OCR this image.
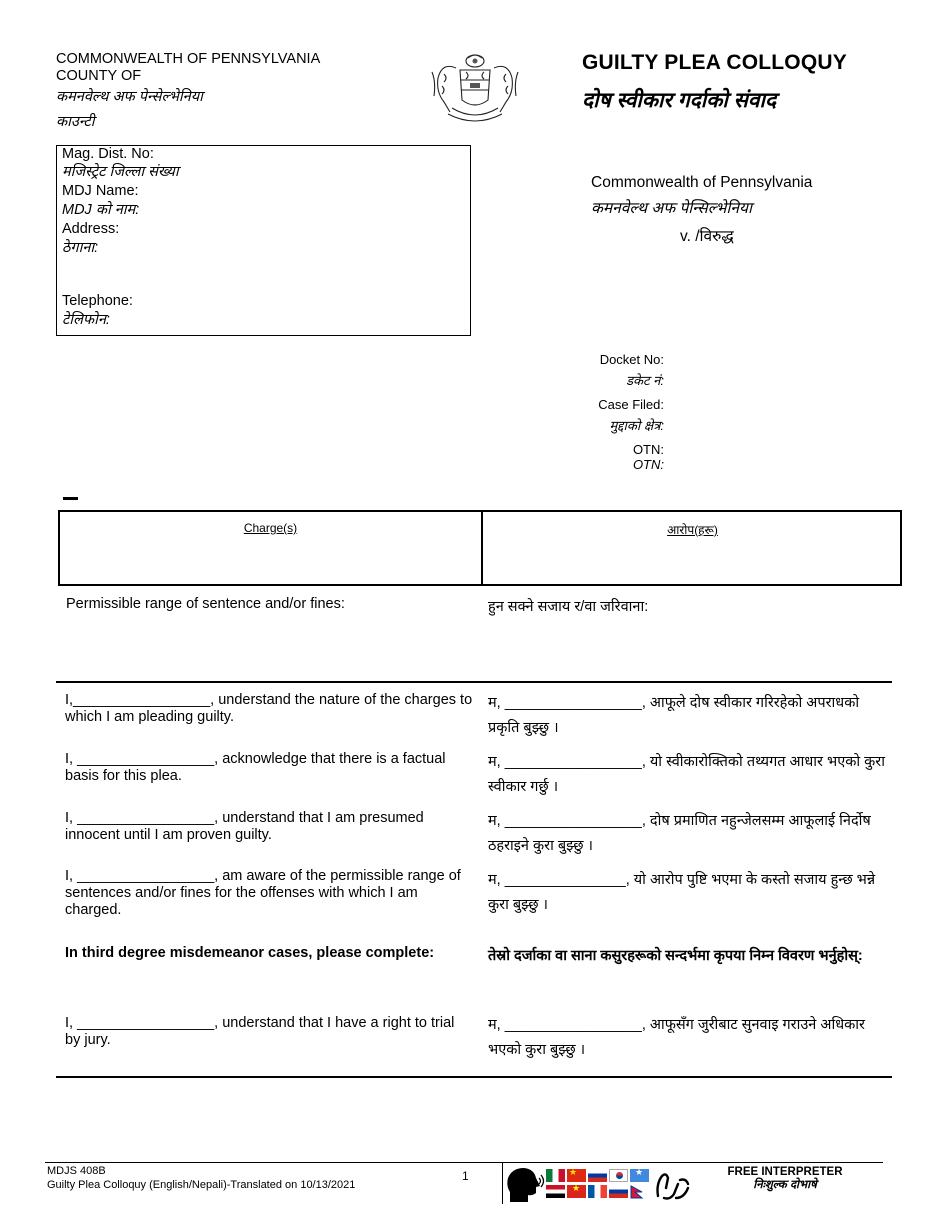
COMMONWEALTH OF PENNSYLVANIA
COUNTY OF
कमनवेल्थ अफ पेन्सेल्भेनिया
काउन्टी
GUILTY PLEA COLLOQUY
दोष स्वीकार गर्दाको संवाद
Mag. Dist. No:
मजिस्ट्रेट जिल्ला संख्या
MDJ Name:
MDJ को नाम:
Address:
ठेगाना:
Telephone:
टेलिफोन:
Commonwealth of Pennsylvania
कमनवेल्थ अफ पेन्सिल्भेनिया
v. /विरुद्ध
Docket No:
डकेट नं:
Case Filed:
मुद्दाको क्षेत्र:
OTN:
OTN:
Charge(s)	आरोप(हरू)
Permissible range of sentence and/or fines:	हुन सक्ने सजाय र/वा जरिवाना:
I,_________________, understand the nature of the charges to which I am pleading guilty.
म, _________________, आफूले दोष स्वीकार गरिरहेको अपराधको प्रकृति बुझ्छु ।
I, _________________, acknowledge that there is a factual basis for this plea.
म, _________________, यो स्वीकारोक्तिको तथ्यगत आधार भएको कुरा स्वीकार गर्छु ।
I, _________________, understand that I am presumed innocent until I am proven guilty.
म, _________________, दोष प्रमाणित नहुन्जेलसम्म आफूलाई निर्दोष ठहराइने कुरा बुझ्छु ।
I, _________________, am aware of the permissible range of sentences and/or fines for the offenses with which I am charged.
म, _______________, यो आरोप पुष्टि भएमा के कस्तो सजाय हुन्छ भन्ने कुरा बुझ्छु ।
In third degree misdemeanor cases, please complete:	तेस्रो दर्जाका वा साना कसुरहरूको सन्दर्भमा कृपया निम्न विवरण भर्नुहोस्:
I, _________________, understand that I have a right to trial by jury.
म, _________________, आफूसँग जुरीबाट सुनवाइ गराउने अधिकार भएको कुरा बुझ्छु ।
MDJS 408B
Guilty Plea Colloquy (English/Nepali)-Translated on 10/13/2021
1	★	★
★
FREE INTERPRETER
निःशुल्क दोभाषे
